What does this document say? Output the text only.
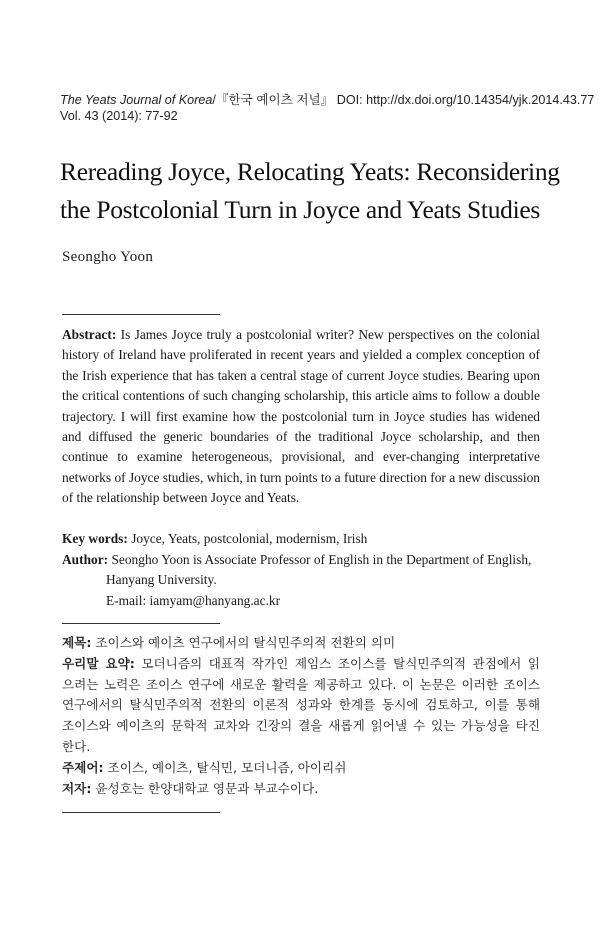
The Yeats Journal of Korea/『한국 예이츠 저널』 DOI: http://dx.doi.org/10.14354/yjk.2014.43.77
Vol. 43 (2014): 77-92
Rereading Joyce, Relocating Yeats: Reconsidering
the Postcolonial Turn in Joyce and Yeats Studies
Seongho Yoon

Abstract: Is James Joyce truly a postcolonial writer? New perspectives on the colonial history of Ireland have proliferated in recent years and yielded a complex conception of the Irish experience that has taken a central stage of current Joyce studies. Bearing upon the critical contentions of such changing scholarship, this article aims to follow a double trajectory. I will first examine how the postcolonial turn in Joyce studies has widened and diffused the generic boundaries of the traditional Joyce scholarship, and then continue to examine heterogeneous, provisional, and ever-changing interpretative networks of Joyce studies, which, in turn points to a future direction for a new discussion of the relationship between Joyce and Yeats.

Key words: Joyce, Yeats, postcolonial, modernism, Irish
Author: Seongho Yoon is Associate Professor of English in the Department of English,
Hanyang University.
E-mail: iamyam@hanyang.ac.kr
제목: 조이스와 예이츠 연구에서의 탈식민주의적 전환의 의미
우리말 요약: 모더니즘의 대표적 작가인 제임스 조이스를 탈식민주의적 관점에서 읽
으려는 노력은 조이스 연구에 새로운 활력을 제공하고 있다. 이 논문은 이러한 조이스
연구에서의 탈식민주의적 전환의 이론적 성과와 한계를 동시에 검토하고, 이를 통해
조이스와 예이츠의 문학적 교차와 긴장의 결을 새롭게 읽어낼 수 있는 가능성을 타진
한다.
주제어: 조이스, 예이츠, 탈식민, 모더니즘, 아이리쉬
저자: 윤성호는 한양대학교 영문과 부교수이다.
